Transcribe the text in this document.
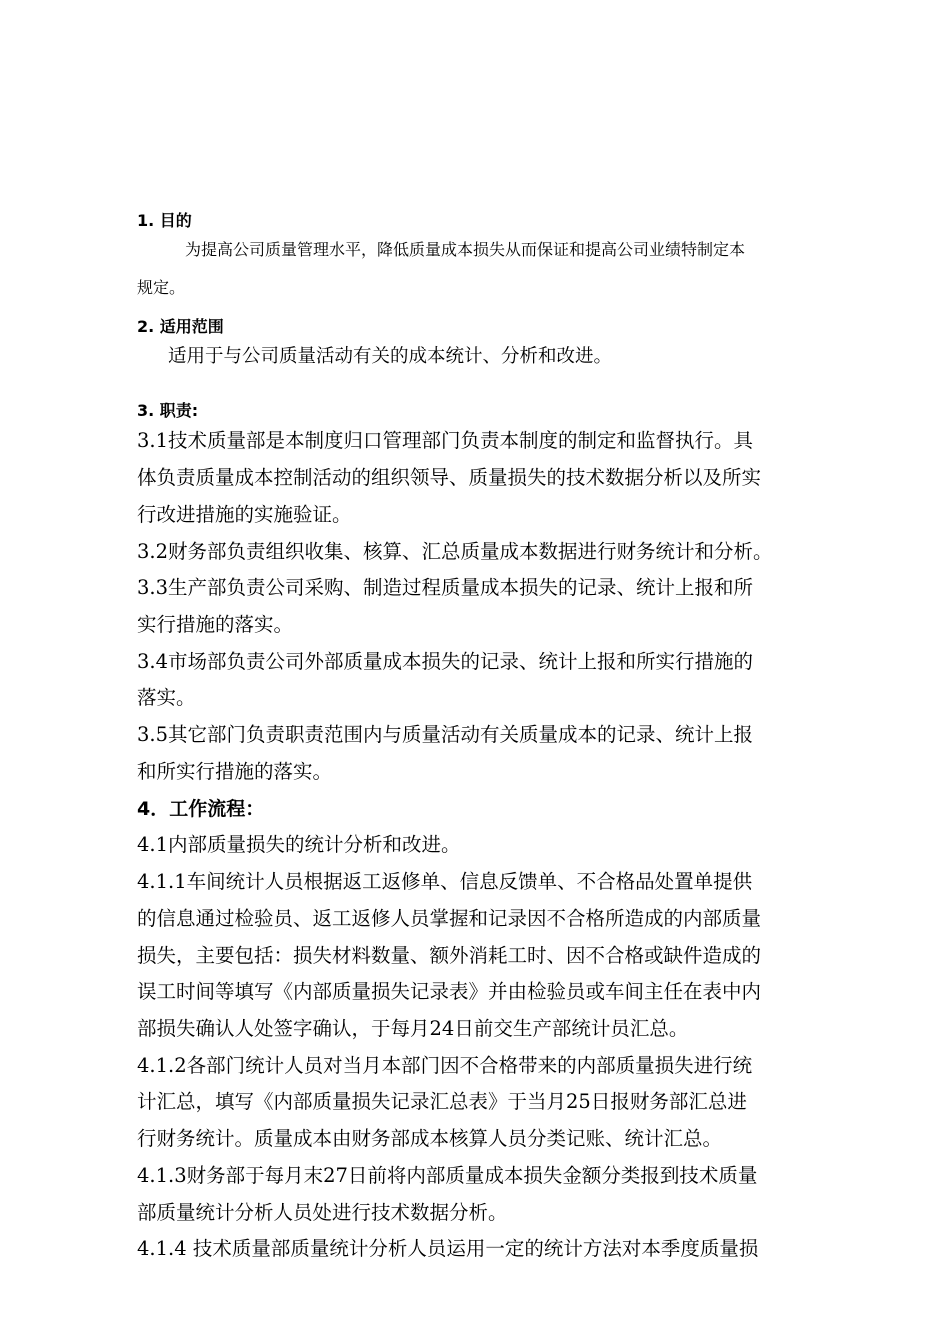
1. 目的
为提高公司质量管理水平，降低质量成本损失从而保证和提高公司业绩特制定本
规定。
2. 适用范围
适用于与公司质量活动有关的成本统计、分析和改进。
3. 职责:
3.1技术质量部是本制度归口管理部门负责本制度的制定和监督执行。具
体负责质量成本控制活动的组织领导、质量损失的技术数据分析以及所实
行改进措施的实施验证。
3.2财务部负责组织收集、核算、汇总质量成本数据进行财务统计和分析。
3.3生产部负责公司采购、制造过程质量成本损失的记录、统计上报和所
实行措施的落实。
3.4市场部负责公司外部质量成本损失的记录、统计上报和所实行措施的
落实。
3.5其它部门负责职责范围内与质量活动有关质量成本的记录、统计上报
和所实行措施的落实。
4．工作流程：
4.1内部质量损失的统计分析和改进。
4.1.1车间统计人员根据返工返修单、信息反馈单、不合格品处置单提供
的信息通过检验员、返工返修人员掌握和记录因不合格所造成的内部质量
损失，主要包括：损失材料数量、额外消耗工时、因不合格或缺件造成的
误工时间等填写《内部质量损失记录表》并由检验员或车间主任在表中内
部损失确认人处签字确认，于每月24日前交生产部统计员汇总。
4.1.2各部门统计人员对当月本部门因不合格带来的内部质量损失进行统
计汇总，填写《内部质量损失记录汇总表》于当月25日报财务部汇总进
行财务统计。质量成本由财务部成本核算人员分类记账、统计汇总。
4.1.3财务部于每月末27日前将内部质量成本损失金额分类报到技术质量
部质量统计分析人员处进行技术数据分析。
4.1.4 技术质量部质量统计分析人员运用一定的统计方法对本季度质量损
